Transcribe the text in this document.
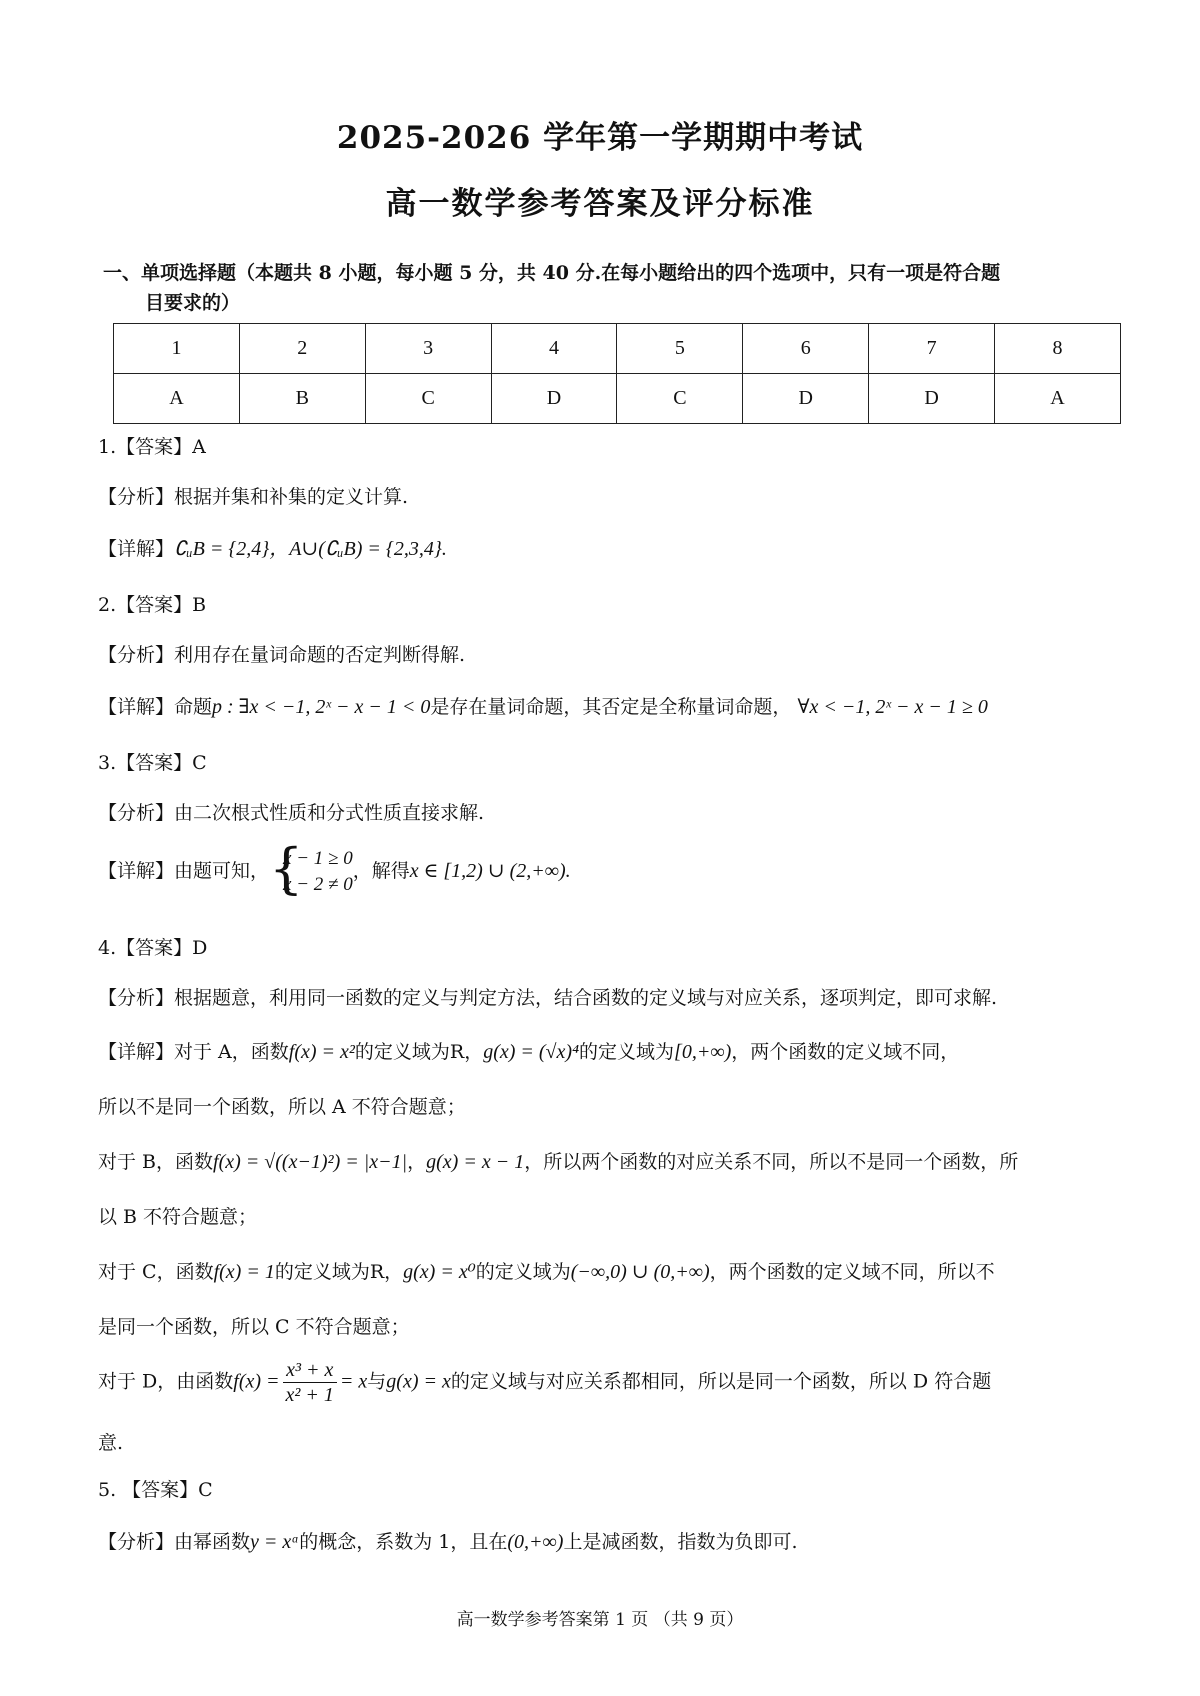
2025-2026 学年第一学期期中考试
高一数学参考答案及评分标准
一、单项选择题（本题共 8 小题，每小题 5 分，共 40 分.在每小题给出的四个选项中，只有一项是符合题
目要求的）
1	2	3	4	5	6	7	8
A	B	C	D	C	D	D	A
1.【答案】A
【分析】根据并集和补集的定义计算.
【详解】∁ᵤB = {2,4}，A∪(∁ᵤB) = {2,3,4}.
2.【答案】B
【分析】利用存在量词命题的否定判断得解.
【详解】命题p : ∃x < −1, 2ˣ − x − 1 < 0是存在量词命题，其否定是全称量词命题， ∀x < −1, 2ˣ − x − 1 ≥ 0
3.【答案】C
【分析】由二次根式性质和分式性质直接求解.
【详解】由题可知， {
x − 1 ≥ 0
x − 2 ≠ 0
，解得x ∈ [1,2) ∪ (2,+∞).
4.【答案】D
【分析】根据题意，利用同一函数的定义与判定方法，结合函数的定义域与对应关系，逐项判定，即可求解.
【详解】对于 A，函数f(x) = x²的定义域为R，g(x) = (√x)⁴的定义域为[0,+∞)，两个函数的定义域不同，
所以不是同一个函数，所以 A 不符合题意；
对于 B，函数f(x) = √((x−1)²) = |x−1|，g(x) = x − 1，所以两个函数的对应关系不同，所以不是同一个函数，所
以 B 不符合题意；
对于 C，函数f(x) = 1的定义域为R，g(x) = x⁰的定义域为(−∞,0) ∪ (0,+∞)，两个函数的定义域不同，所以不
是同一个函数，所以 C 不符合题意；
对于 D，由函数$f(x) = \frac{\text{x³ + x}}{\text{x² + 1}} = x$与g(x) = x的定义域与对应关系都相同，所以是同一个函数，所以 D 符合题
意.
5. 【答案】C
【分析】由幂函数y = xᵅ的概念，系数为 1，且在(0,+∞)上是减函数，指数为负即可.
高一数学参考答案第 1 页 （共 9 页）
